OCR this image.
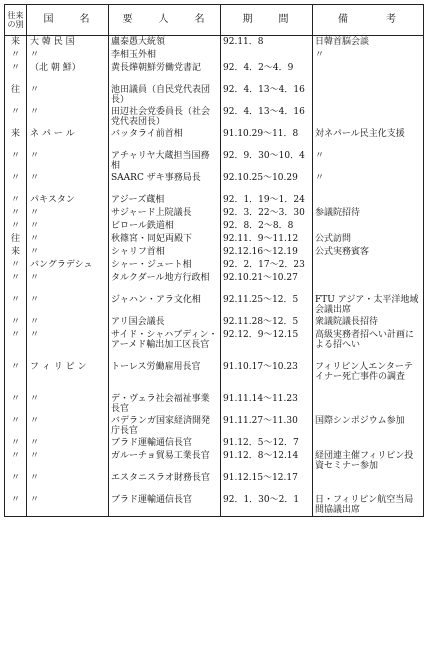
往来の別	国　　名	要　　人　　名	期　　間	備　　　考
来	大 韓 民 国	盧泰愚大統領	92.11．8	日韓首脳会談
〃	〃	李相玉外相		〃
〃	（北 朝 鮮）	黄長燁朝鮮労働党書記	92．4．2～4．9	
往	〃	池田議員（自民党代表団長）	92．4．13～4．16	
〃	〃	田辺社会党委員長（社会党代表団長）	92．4．13～4．16	
来	ネ パ ー ル	バッタライ前首相	91.10.29～11．8	対ネパール民主化支援
〃	〃	アチャリヤ大蔵担当国務相	92．9．30～10．4	〃
〃	〃	SAARC ザキ事務局長	92.10.25～10.29	〃
〃	パキスタン	アジーズ蔵相	92．1．19～1．24	
〃	〃	サジャード上院議長	92．3．22～3．30	参議院招待
〃	〃	ビロール鉄道相	92．8．2～8．8	
往	〃	秋篠宮・同妃両殿下	92.11．9～11.12	公式訪問
来	〃	シャリフ首相	92.12.16～12.19	公式実務賓客
〃	バングラデシュ	シャー・ジュート相	92．2．17～2．23	
〃	〃	タルクダール地方行政相	92.10.21～10.27	
〃	〃	ジャハン・アラ文化相	92.11.25～12．5	FTU アジア・太平洋地域会議出席
〃	〃	アリ国会議長	92.11.28～12．5	衆議院議長招待
〃	〃	サイド・シャハブディン・アーメド輸出加工区長官	92.12．9～12.15	高級実務者招へい計画による招へい
〃	フ ィ リ ピ ン	トーレス労働雇用長官	91.10.17～10.23	フィリピン人エンターテイナー死亡事件の調査
〃	〃	デ・ヴェラ社会福祉事業長官	91.11.14～11.23	
〃	〃	バデランガ国家経済開発庁長官	91.11.27～11.30	国際シンポジウム参加
〃	〃	ブラド運輸通信長官	91.12．5～12．7	
〃	〃	ガルーチョ貿易工業長官	91.12．8～12.14	経団連主催フィリピン投資セミナー参加
〃	〃	エスタニスラオ財務長官	91.12.15～12.17	
〃	〃	ブラド運輸通信長官	92．1．30～2．1	日・フィリピン航空当局間協議出席
